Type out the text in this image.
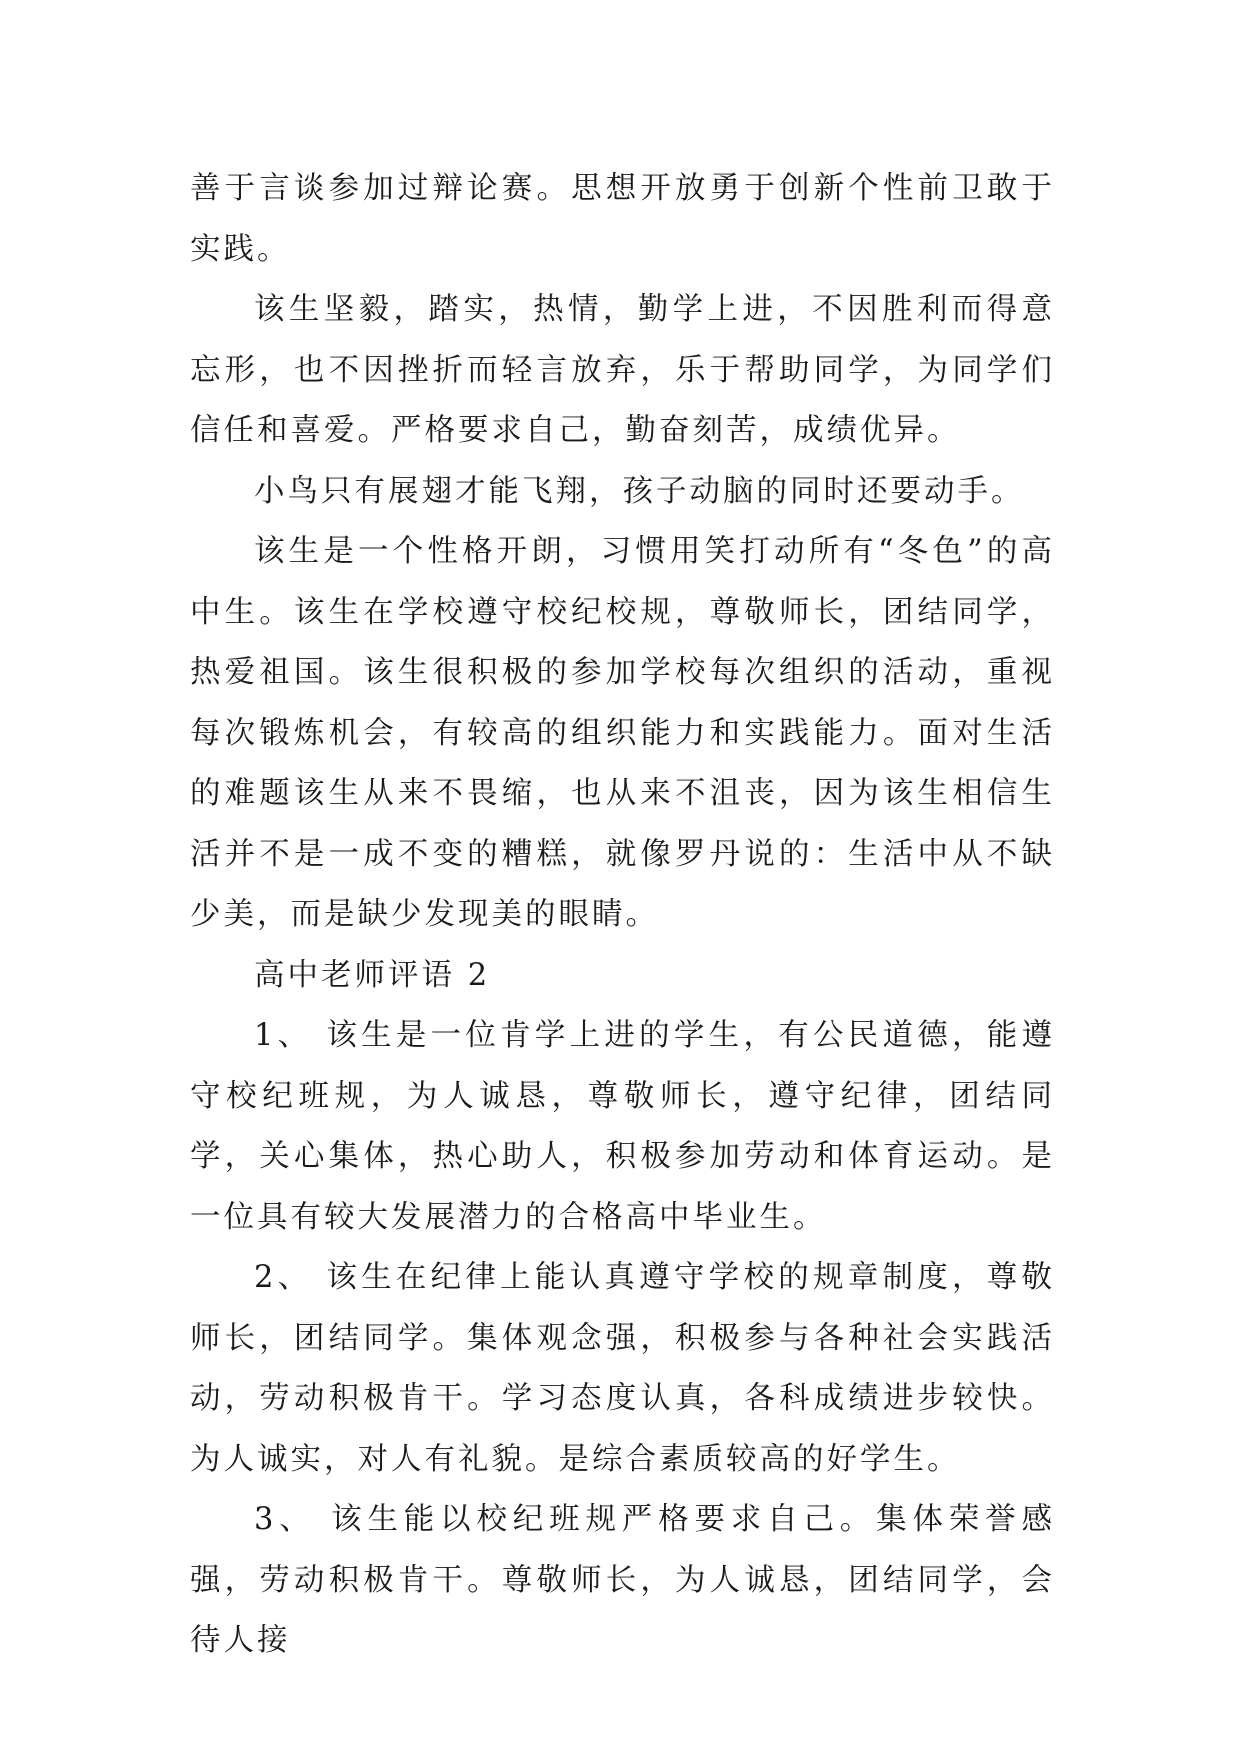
善于言谈参加过辩论赛。思想开放勇于创新个性前卫敢于实践。

该生坚毅，踏实，热情，勤学上进，不因胜利而得意忘形，也不因挫折而轻言放弃，乐于帮助同学，为同学们信任和喜爱。严格要求自己，勤奋刻苦，成绩优异。

小鸟只有展翅才能飞翔，孩子动脑的同时还要动手。

该生是一个性格开朗，习惯用笑打动所有“冬色”的高中生。该生在学校遵守校纪校规，尊敬师长，团结同学，热爱祖国。该生很积极的参加学校每次组织的活动，重视每次锻炼机会，有较高的组织能力和实践能力。面对生活的难题该生从来不畏缩，也从来不沮丧，因为该生相信生活并不是一成不变的糟糕，就像罗丹说的：生活中从不缺少美，而是缺少发现美的眼睛。

高中老师评语 2

1、 该生是一位肯学上进的学生，有公民道德，能遵守校纪班规，为人诚恳，尊敬师长，遵守纪律，团结同学，关心集体，热心助人，积极参加劳动和体育运动。是一位具有较大发展潜力的合格高中毕业生。

2、 该生在纪律上能认真遵守学校的规章制度，尊敬师长，团结同学。集体观念强，积极参与各种社会实践活动，劳动积极肯干。学习态度认真，各科成绩进步较快。为人诚实，对人有礼貌。是综合素质较高的好学生。

3、 该生能以校纪班规严格要求自己。集体荣誉感强，劳动积极肯干。尊敬师长，为人诚恳，团结同学，会待人接
